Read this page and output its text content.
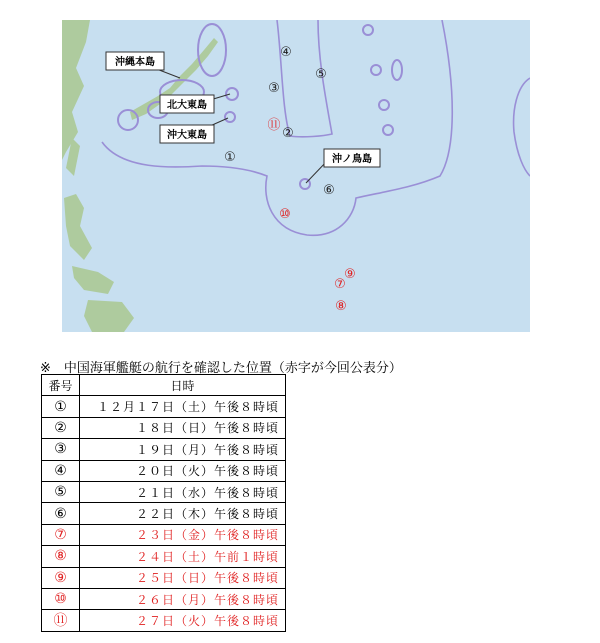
沖縄本島
北大東島
沖大東島
沖ノ鳥島
①
②
③
④
⑤
⑥
⑦
⑧
⑨
⑩
⑪
※　中国海軍艦艇の航行を確認した位置（赤字が今回公表分）
番号	日時
①	１２月１７日（土）午後８時頃
②	１８日（日）午後８時頃
③	１９日（月）午後８時頃
④	２０日（火）午後８時頃
⑤	２１日（水）午後８時頃
⑥	２２日（木）午後８時頃
⑦	２３日（金）午後８時頃
⑧	２４日（土）午前１時頃
⑨	２５日（日）午後８時頃
⑩	２６日（月）午後８時頃
⑪	２７日（火）午後８時頃
